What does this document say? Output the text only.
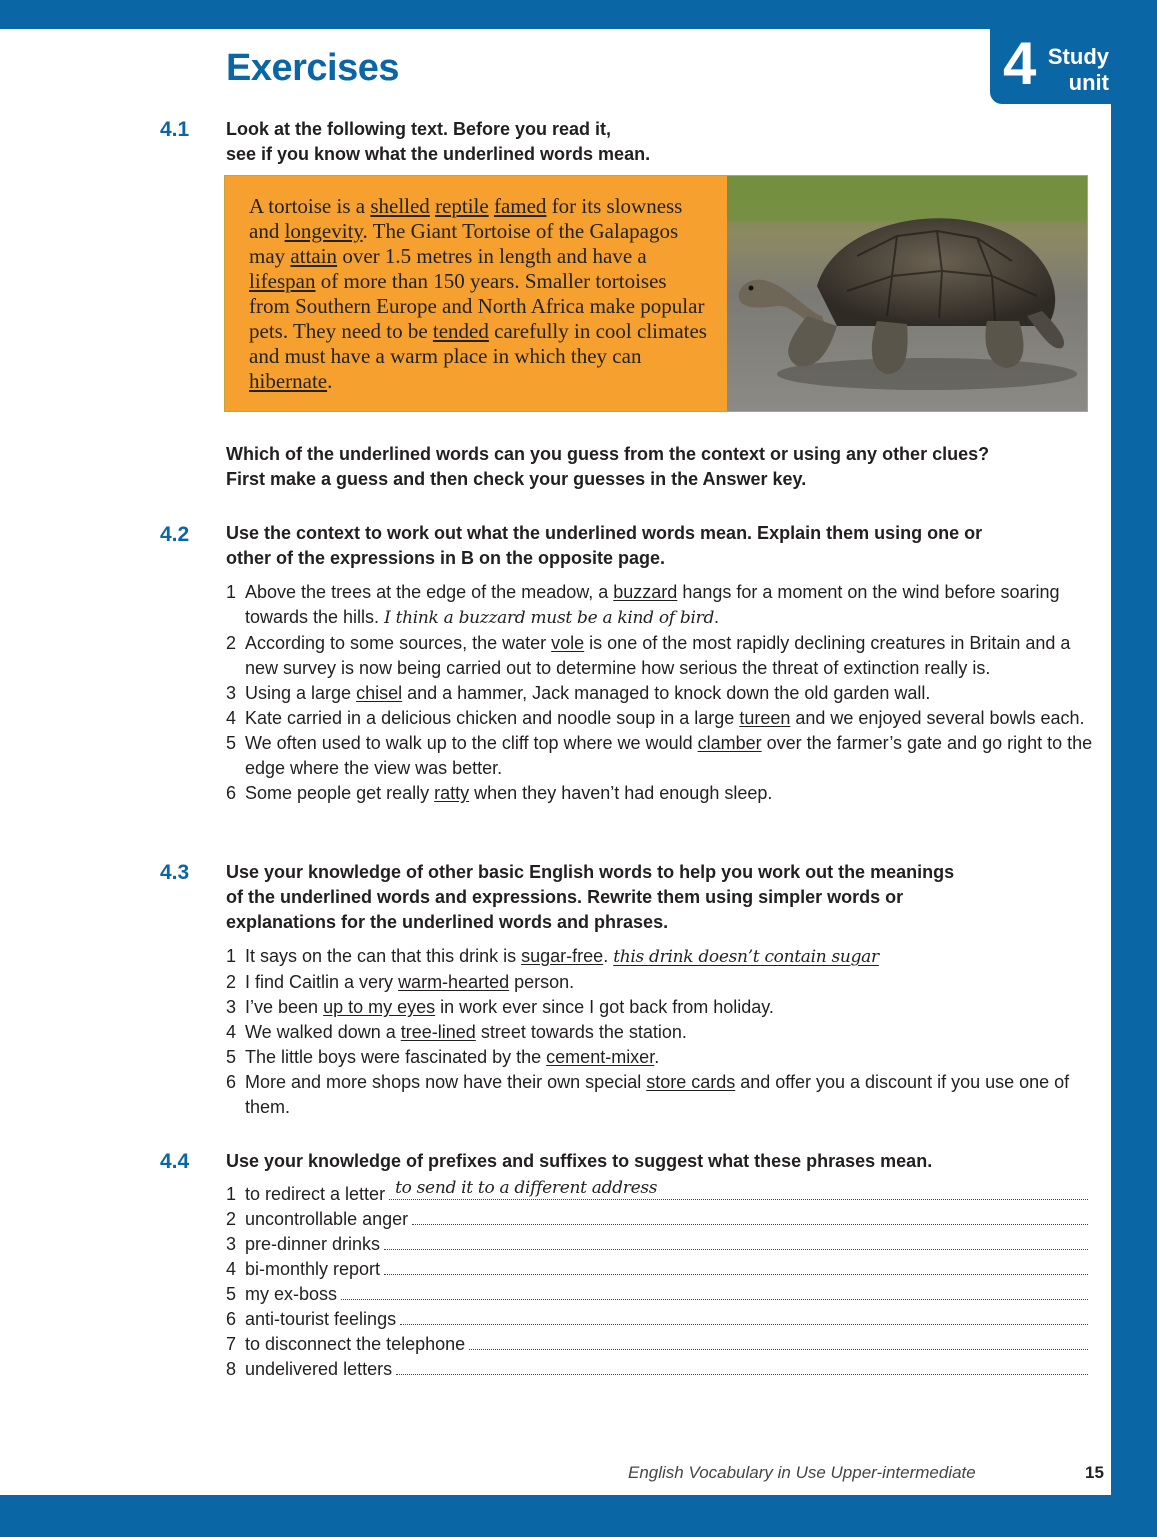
4 Study
unit
Exercises
4.1 Look at the following text. Before you read it,
see if you know what the underlined words mean.

A tortoise is a shelled reptile famed for its slowness and longevity. The Giant Tortoise of the Galapagos may attain over 1.5 metres in length and have a lifespan of more than 150 years. Smaller tortoises from Southern Europe and North Africa make popular pets. They need to be tended carefully in cool climates and must have a warm place in which they can hibernate.

Which of the underlined words can you guess from the context or using any other clues?
First make a guess and then check your guesses in the Answer key.
4.2 Use the context to work out what the underlined words mean. Explain them using one or
other of the expressions in B on the opposite page.
1 Above the trees at the edge of the meadow, a buzzard hangs for a moment on the wind before soaring towards the hills. I think a buzzard must be a kind of bird.
2 According to some sources, the water vole is one of the most rapidly declining creatures in Britain and a new survey is now being carried out to determine how serious the threat of extinction really is.
3 Using a large chisel and a hammer, Jack managed to knock down the old garden wall.
4 Kate carried in a delicious chicken and noodle soup in a large tureen and we enjoyed several bowls each.
5 We often used to walk up to the cliff top where we would clamber over the farmer’s gate and go right to the edge where the view was better.
6 Some people get really ratty when they haven’t had enough sleep.
4.3 Use your knowledge of other basic English words to help you work out the meanings
of the underlined words and expressions. Rewrite them using simpler words or
explanations for the underlined words and phrases.
1 It says on the can that this drink is sugar-free. this drink doesn’t contain sugar
2 I find Caitlin a very warm-hearted person.
3 I’ve been up to my eyes in work ever since I got back from holiday.
4 We walked down a tree-lined street towards the station.
5 The little boys were fascinated by the cement-mixer.
6 More and more shops now have their own special store cards and offer you a discount if you use one of them.
4.4 Use your knowledge of prefixes and suffixes to suggest what these phrases mean.
1 to redirect a letter to send it to a different address
2 uncontrollable anger
3 pre-dinner drinks
4 bi-monthly report
5 my ex-boss
6 anti-tourist feelings
7 to disconnect the telephone
8 undelivered letters
English Vocabulary in Use Upper-intermediate	15
